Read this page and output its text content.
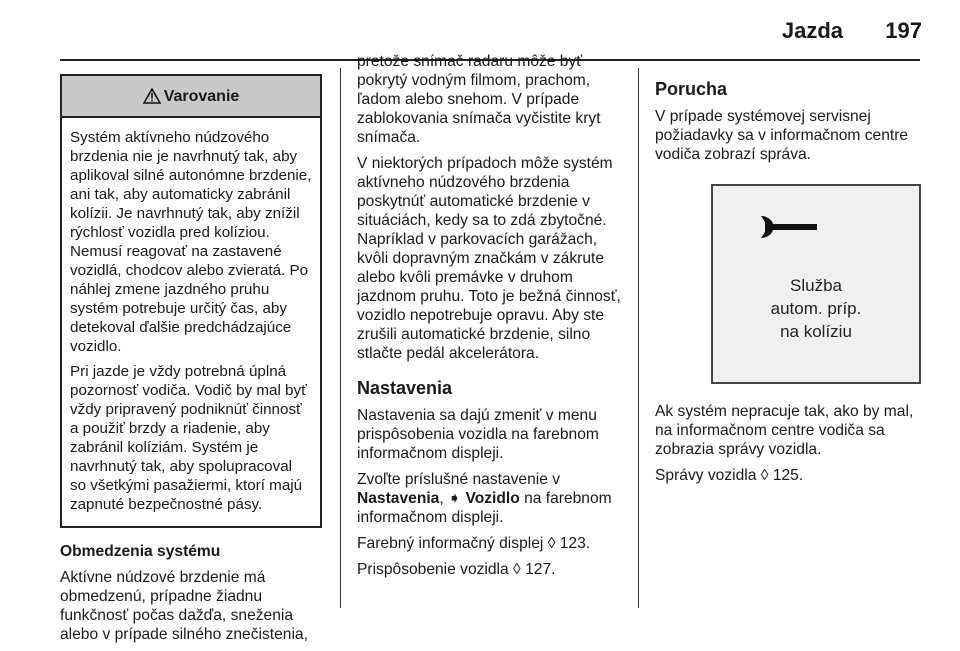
Jazda 197
Varovanie

Systém aktívneho núdzového brzdenia nie je navrhnutý tak, aby aplikoval silné autonómne brzdenie, ani tak, aby automaticky zabránil kolízii. Je navrhnutý tak, aby znížil rýchlosť vozidla pred kolíziou. Nemusí reagovať na zastavené vozidlá, chodcov alebo zvieratá. Po náhlej zmene jazdného pruhu systém potrebuje určitý čas, aby detekoval ďalšie predchádzajúce vozidlo.

Pri jazde je vždy potrebná úplná pozornosť vodiča. Vodič by mal byť vždy pripravený podniknúť činnosť a použiť brzdy a riadenie, aby zabránil kolíziám. Systém je navrhnutý tak, aby spolupracoval so všetkými pasažiermi, ktorí majú zapnuté bezpečnostné pásy.

Obmedzenia systému

Aktívne núdzové brzdenie má obmedzenú, prípadne žiadnu funkčnosť počas dažďa, sneženia alebo v prípade silného znečistenia,

pretože snímač radaru môže byť pokrytý vodným filmom, prachom, ľadom alebo snehom. V prípade zablokovania snímača vyčistite kryt snímača.

V niektorých prípadoch môže systém aktívneho núdzového brzdenia poskytnúť automatické brzdenie v situáciách, kedy sa to zdá zbytočné. Napríklad v parkovacích garážach, kvôli dopravným značkám v zákrute alebo kvôli premávke v druhom jazdnom pruhu. Toto je bežná činnosť, vozidlo nepotrebuje opravu. Aby ste zrušili automatické brzdenie, silno stlačte pedál akcelerátora.

Nastavenia

Nastavenia sa dajú zmeniť v menu prispôsobenia vozidla na farebnom informačnom displeji.

Zvoľte príslušné nastavenie v
Nastavenia, ➧ Vozidlo na farebnom informačnom displeji.

Farebný informačný displej ◊ 123.

Prispôsobenie vozidla ◊ 127.

Porucha

V prípade systémovej servisnej požiadavky sa v informačnom centre vodiča zobrazí správa.

Služba
autom. príp.
na kolíziu

Ak systém nepracuje tak, ako by mal, na informačnom centre vodiča sa zobrazia správy vozidla.

Správy vozidla ◊ 125.
